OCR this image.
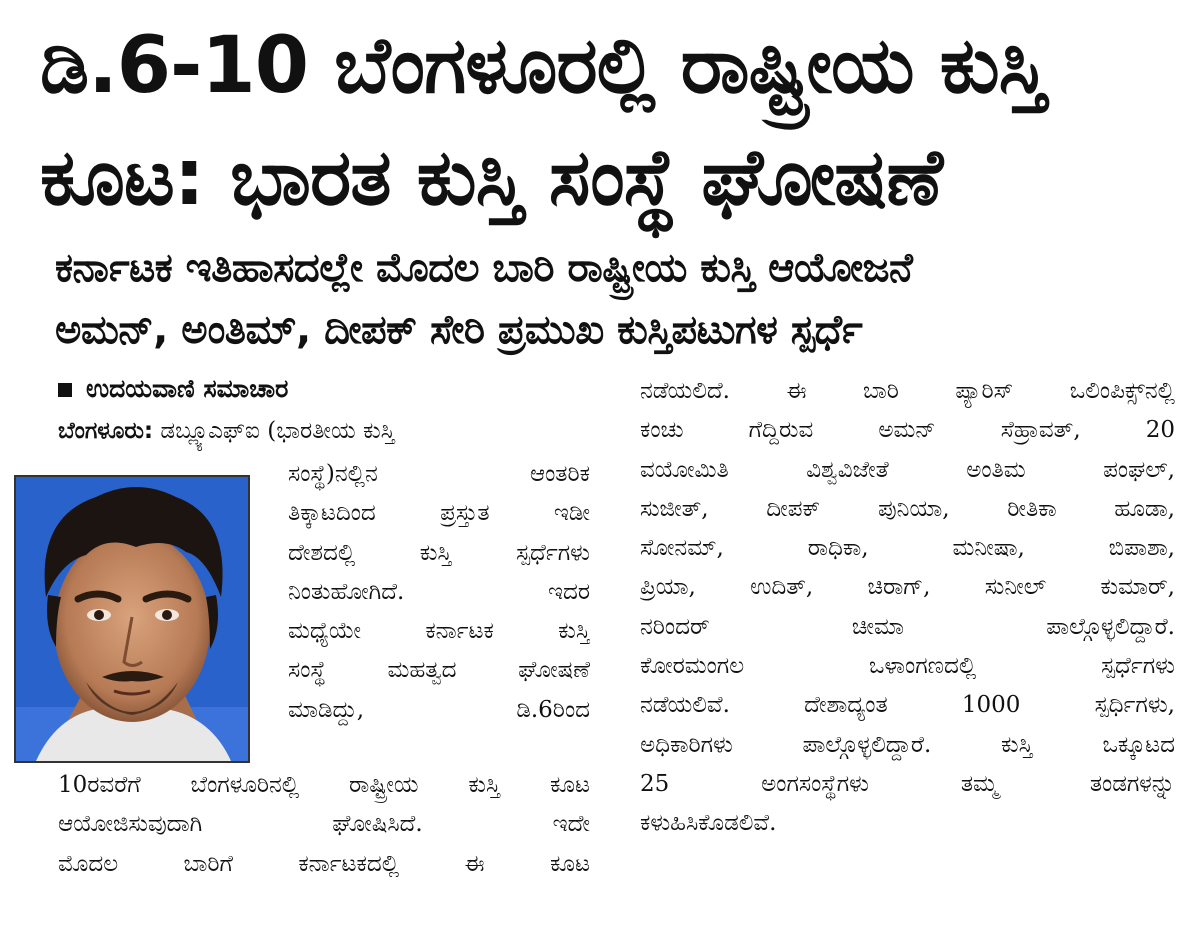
ಡಿ.6-10 ಬೆಂಗಳೂರಲ್ಲಿ ರಾಷ್ಟ್ರೀಯ ಕುಸ್ತಿ
ಕೂಟ: ಭಾರತ ಕುಸ್ತಿ ಸಂಸ್ಥೆ ಘೋಷಣೆ
ಕರ್ನಾಟಕ ಇತಿಹಾಸದಲ್ಲೇ ಮೊದಲ ಬಾರಿ ರಾಷ್ಟ್ರೀಯ ಕುಸ್ತಿ ಆಯೋಜನೆ
ಅಮನ್, ಅಂತಿಮ್, ದೀಪಕ್ ಸೇರಿ ಪ್ರಮುಖ ಕುಸ್ತಿಪಟುಗಳ ಸ್ಪರ್ಧೆ
ಉದಯವಾಣಿ ಸಮಾಚಾರ
ಬೆಂಗಳೂರು: ಡಬ್ಲ್ಯೂಎಫ್ಐ (ಭಾರತೀಯ ಕುಸ್ತಿ
ಸಂಸ್ಥೆ)ನಲ್ಲಿನ ಆಂತರಿಕ
ತಿಕ್ಕಾಟದಿಂದ ಪ್ರಸ್ತುತ ಇಡೀ
ದೇಶದಲ್ಲಿ ಕುಸ್ತಿ ಸ್ಪರ್ಧೆಗಳು
ನಿಂತುಹೋಗಿದೆ. ಇದರ
ಮಧ್ಯೆಯೇ ಕರ್ನಾಟಕ ಕುಸ್ತಿ
ಸಂಸ್ಥೆ ಮಹತ್ವದ ಘೋಷಣೆ
ಮಾಡಿದ್ದು, ಡಿ.6ರಿಂದ
10ರವರೆಗೆ ಬೆಂಗಳೂರಿನಲ್ಲಿ ರಾಷ್ಟ್ರೀಯ ಕುಸ್ತಿ ಕೂಟ
ಆಯೋಜಿಸುವುದಾಗಿ ಘೋಷಿಸಿದೆ. ಇದೇ
ಮೊದಲ ಬಾರಿಗೆ ಕರ್ನಾಟಕದಲ್ಲಿ ಈ ಕೂಟ
ನಡೆಯಲಿದೆ. ಈ ಬಾರಿ ಪ್ಯಾರಿಸ್ ಒಲಿಂಪಿಕ್ಸ್‌ನಲ್ಲಿ
ಕಂಚು ಗೆದ್ದಿರುವ ಅಮನ್ ಸೆಹ್ರಾವತ್, 20
ವಯೋಮಿತಿ ವಿಶ್ವವಿಜೇತೆ ಅಂತಿಮ ಪಂಘಲ್,
ಸುಜೀತ್, ದೀಪಕ್ ಪುನಿಯಾ, ರೀತಿಕಾ ಹೂಡಾ,
ಸೋನಮ್, ರಾಧಿಕಾ, ಮನೀಷಾ, ಬಿಪಾಶಾ,
ಪ್ರಿಯಾ, ಉದಿತ್, ಚಿರಾಗ್, ಸುನೀಲ್ ಕುಮಾರ್,
ನರಿಂದರ್ ಚೀಮಾ ಪಾಲ್ಗೊಳ್ಳಲಿದ್ದಾರೆ.
ಕೋರಮಂಗಲ ಒಳಾಂಗಣದಲ್ಲಿ ಸ್ಪರ್ಧೆಗಳು
ನಡೆಯಲಿವೆ. ದೇಶಾದ್ಯಂತ 1000 ಸ್ಪರ್ಧಿಗಳು,
ಅಧಿಕಾರಿಗಳು ಪಾಲ್ಗೊಳ್ಳಲಿದ್ದಾರೆ. ಕುಸ್ತಿ ಒಕ್ಕೂಟದ
25 ಅಂಗಸಂಸ್ಥೆಗಳು ತಮ್ಮ ತಂಡಗಳನ್ನು
ಕಳುಹಿಸಿಕೊಡಲಿವೆ.
